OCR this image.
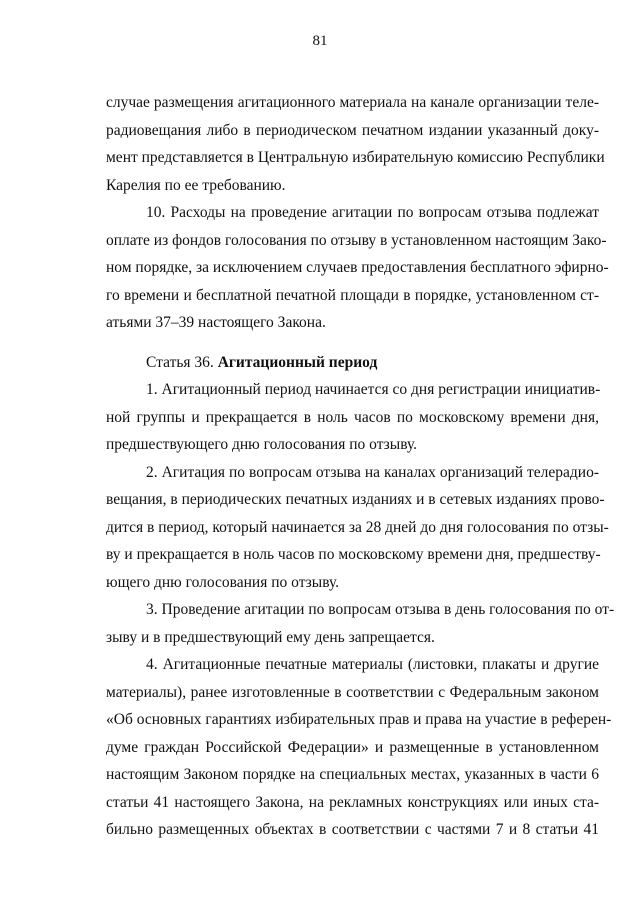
81
случае размещения агитационного материала на канале организации теле-
радиовещания либо в периодическом печатном издании указанный доку-
мент представляется в Центральную избирательную комиссию Республики
Карелия по ее требованию.
10. Расходы на проведение агитации по вопросам отзыва подлежат
оплате из фондов голосования по отзыву в установленном настоящим Зако-
ном порядке, за исключением случаев предоставления бесплатного эфирно-
го времени и бесплатной печатной площади в порядке, установленном ст-
атьями 37–39 настоящего Закона.
Статья 36. Агитационный период
1. Агитационный период начинается со дня регистрации инициатив-
ной группы и прекращается в ноль часов по московскому времени дня,
предшествующего дню голосования по отзыву.
2. Агитация по вопросам отзыва на каналах организаций телерадио-
вещания, в периодических печатных изданиях и в сетевых изданиях прово-
дится в период, который начинается за 28 дней до дня голосования по отзы-
ву и прекращается в ноль часов по московскому времени дня, предшеству-
ющего дню голосования по отзыву.
3. Проведение агитации по вопросам отзыва в день голосования по от-
зыву и в предшествующий ему день запрещается.
4. Агитационные печатные материалы (листовки, плакаты и другие
материалы), ранее изготовленные в соответствии с Федеральным законом
«Об основных гарантиях избирательных прав и права на участие в референ-
думе граждан Российской Федерации» и размещенные в установленном
настоящим Законом порядке на специальных местах, указанных в части 6
статьи 41 настоящего Закона, на рекламных конструкциях или иных ста-
бильно размещенных объектах в соответствии с частями 7 и 8 статьи 41
